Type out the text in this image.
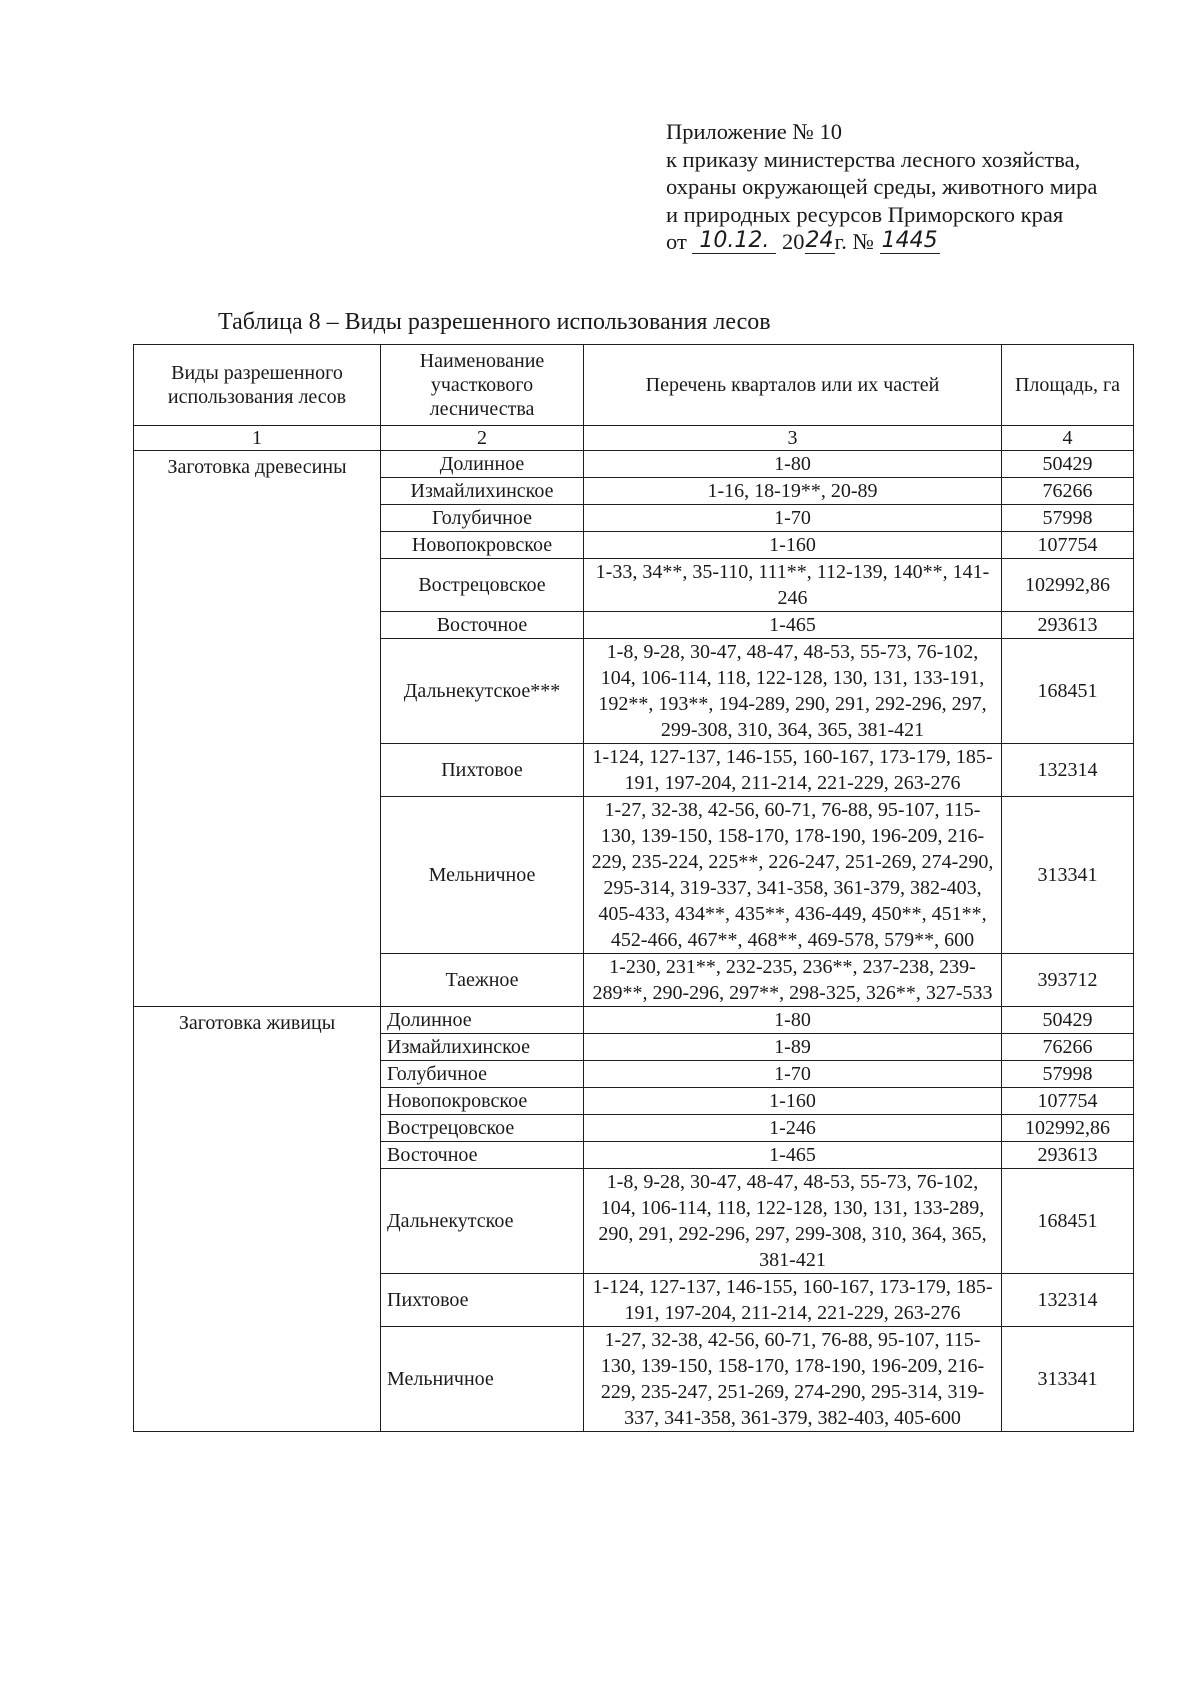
Приложение № 10
к приказу министерства лесного хозяйства,
охраны окружающей среды, животного мира
и природных ресурсов Приморского края
от 10.12. 2024г. № 1445
Таблица 8 – Виды разрешенного использования лесов
Виды разрешенного использования лесов	Наименование участкового лесничества	Перечень кварталов или их частей	Площадь, га
1	2	3	4
Заготовка древесины	Долинное	1-80	50429
	Измайлихинское	1-16, 18-19**, 20-89	76266
	Голубичное	1-70	57998
	Новопокровское	1-160	107754
	Вострецовское	1-33, 34**, 35-110, 111**, 112-139, 140**, 141-246	102992,86
	Восточное	1-465	293613
	Дальнекутское***	1-8, 9-28, 30-47, 48-47, 48-53, 55-73, 76-102, 104, 106-114, 118, 122-128, 130, 131, 133-191, 192**, 193**, 194-289, 290, 291, 292-296, 297, 299-308, 310, 364, 365, 381-421	168451
	Пихтовое	1-124, 127-137, 146-155, 160-167, 173-179, 185-191, 197-204, 211-214, 221-229, 263-276	132314
	Мельничное	1-27, 32-38, 42-56, 60-71, 76-88, 95-107, 115-130, 139-150, 158-170, 178-190, 196-209, 216-229, 235-224, 225**, 226-247, 251-269, 274-290, 295-314, 319-337, 341-358, 361-379, 382-403, 405-433, 434**, 435**, 436-449, 450**, 451**, 452-466, 467**, 468**, 469-578, 579**, 600	313341
	Таежное	1-230, 231**, 232-235, 236**, 237-238, 239-289**, 290-296, 297**, 298-325, 326**, 327-533	393712
Заготовка живицы	Долинное	1-80	50429
	Измайлихинское	1-89	76266
	Голубичное	1-70	57998
	Новопокровское	1-160	107754
	Вострецовское	1-246	102992,86
	Восточное	1-465	293613
	Дальнекутское	1-8, 9-28, 30-47, 48-47, 48-53, 55-73, 76-102, 104, 106-114, 118, 122-128, 130, 131, 133-289, 290, 291, 292-296, 297, 299-308, 310, 364, 365, 381-421	168451
	Пихтовое	1-124, 127-137, 146-155, 160-167, 173-179, 185-191, 197-204, 211-214, 221-229, 263-276	132314
	Мельничное	1-27, 32-38, 42-56, 60-71, 76-88, 95-107, 115-130, 139-150, 158-170, 178-190, 196-209, 216-229, 235-247, 251-269, 274-290, 295-314, 319-337, 341-358, 361-379, 382-403, 405-600	313341
